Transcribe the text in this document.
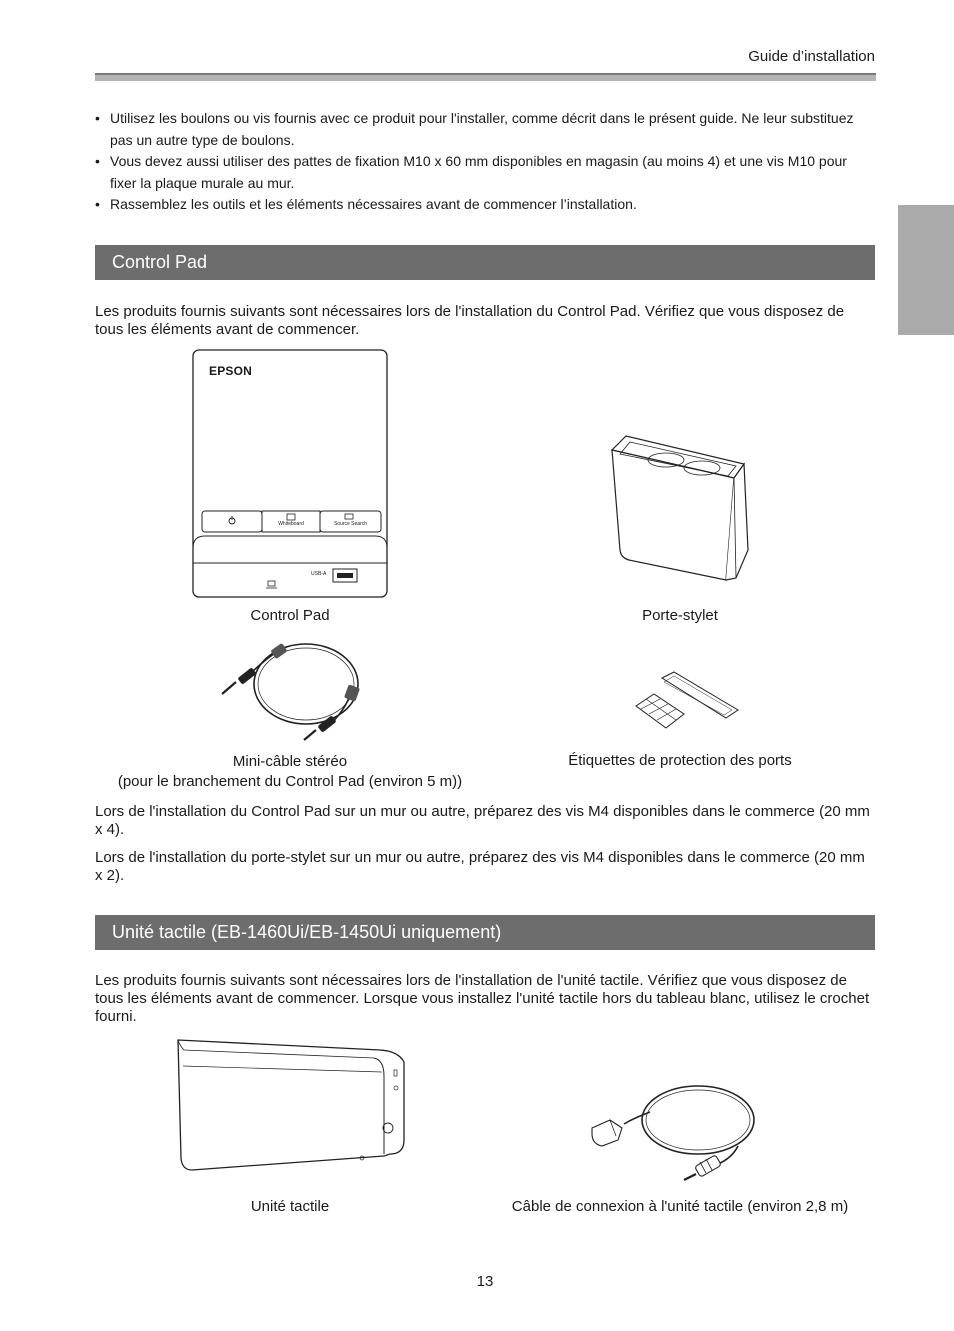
Guide d’installation
• Utilisez les boulons ou vis fournis avec ce produit pour l'installer, comme décrit dans le présent guide. Ne leur substituez pas un autre type de boulons.
• Vous devez aussi utiliser des pattes de fixation M10 x 60 mm disponibles en magasin (au moins 4) et une vis M10 pour fixer la plaque murale au mur.
• Rassemblez les outils et les éléments nécessaires avant de commencer l’installation.
Control Pad
Les produits fournis suivants sont nécessaires lors de l'installation du Control Pad. Vérifiez que vous disposez de tous les éléments avant de commencer.
EPSON
Whiteboard	Source Search
USB-A
Control Pad	Porte-stylet
Mini-câble stéréo
(pour le branchement du Control Pad (environ 5 m))
Étiquettes de protection des ports
Lors de l'installation du Control Pad sur un mur ou autre, préparez des vis M4 disponibles dans le commerce (20 mm x 4).
Lors de l'installation du porte-stylet sur un mur ou autre, préparez des vis M4 disponibles dans le commerce (20 mm x 2).
Unité tactile (EB-1460Ui/EB-1450Ui uniquement)
Les produits fournis suivants sont nécessaires lors de l'installation de l'unité tactile. Vérifiez que vous disposez de tous les éléments avant de commencer. Lorsque vous installez l'unité tactile hors du tableau blanc, utilisez le crochet fourni.
Unité tactile	Câble de connexion à l'unité tactile (environ 2,8 m)
13
